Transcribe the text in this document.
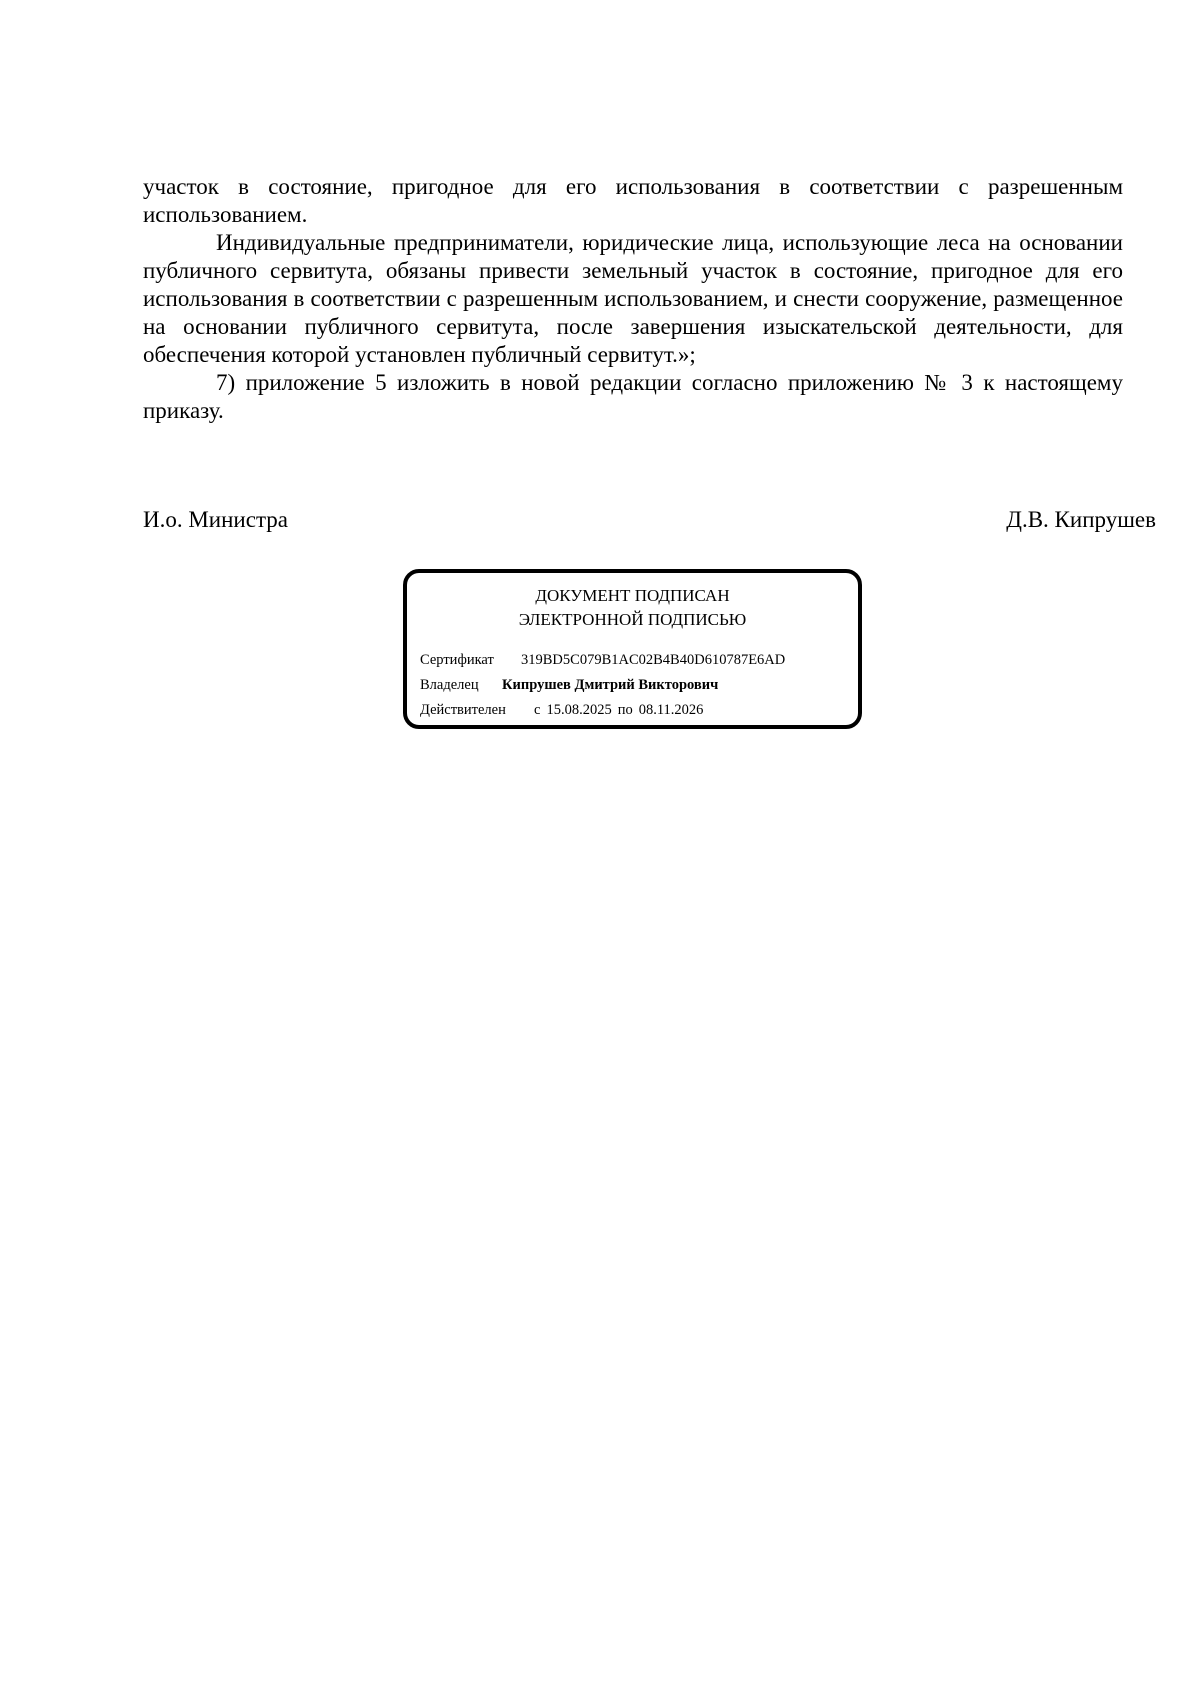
участок в состояние, пригодное для его использования в соответствии с разрешенным использованием.

Индивидуальные предприниматели, юридические лица, использующие леса на основании публичного сервитута, обязаны привести земельный участок в состояние, пригодное для его использования в соответствии с разрешенным использованием, и снести сооружение, размещенное на основании публичного сервитута, после завершения изыскательской деятельности, для обеспечения которой установлен публичный сервитут.»;

7) приложение 5 изложить в новой редакции согласно приложению № 3 к настоящему приказу.

И.о. Министра	Д.В. Кипрушев
ДОКУМЕНТ ПОДПИСАН
ЭЛЕКТРОННОЙ ПОДПИСЬЮ
Сертификат 319BD5C079B1AC02B4B40D610787E6AD
Владелец Кипрушев Дмитрий Викторович
Действителен с 15.08.2025 по 08.11.2026
